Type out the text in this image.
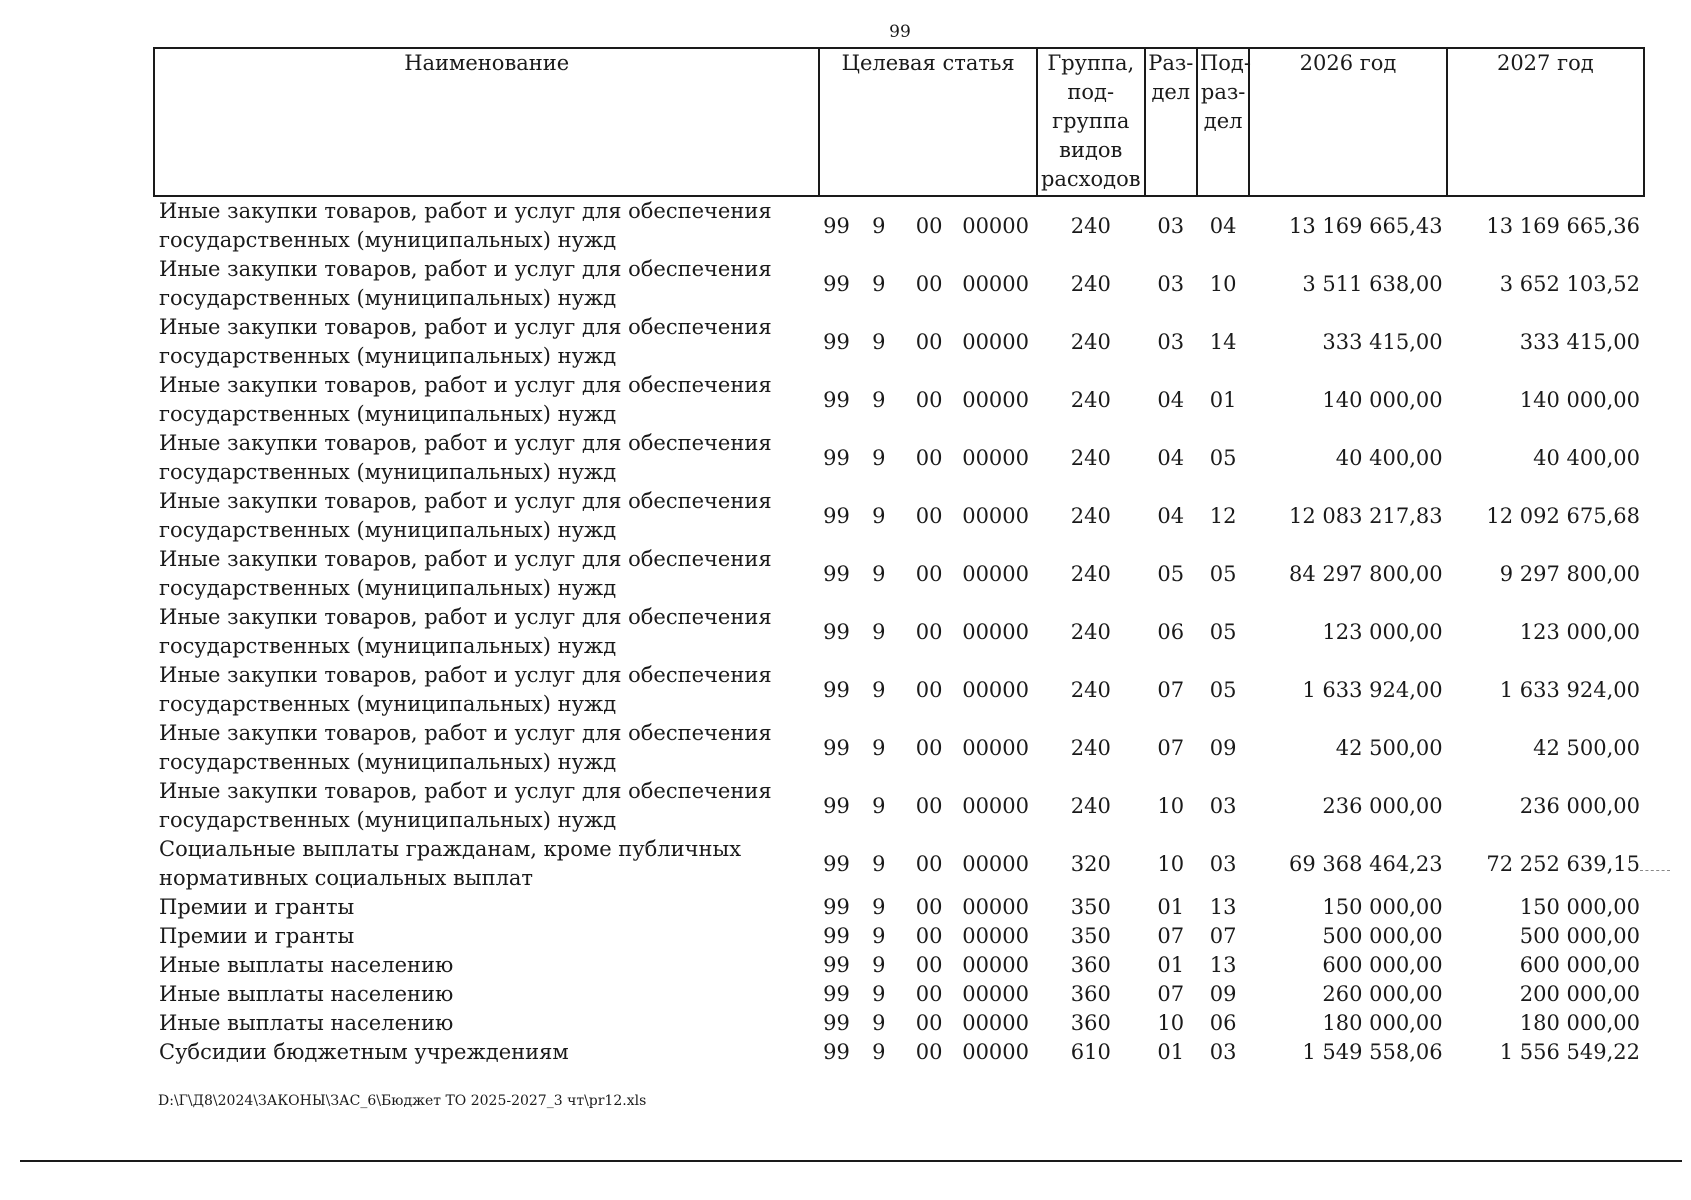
99
Наименование	Целевая статья				Группа, под- группа видов расходов	Раз- дел	Под- раз- дел	2026 год	2027 год
Иные закупки товаров, работ и услуг для обеспечения государственных (муниципальных) нужд	99	9	00	00000	240	03	04	13 169 665,43	13 169 665,36
Иные закупки товаров, работ и услуг для обеспечения государственных (муниципальных) нужд	99	9	00	00000	240	03	10	3 511 638,00	3 652 103,52
Иные закупки товаров, работ и услуг для обеспечения государственных (муниципальных) нужд	99	9	00	00000	240	03	14	333 415,00	333 415,00
Иные закупки товаров, работ и услуг для обеспечения государственных (муниципальных) нужд	99	9	00	00000	240	04	01	140 000,00	140 000,00
Иные закупки товаров, работ и услуг для обеспечения государственных (муниципальных) нужд	99	9	00	00000	240	04	05	40 400,00	40 400,00
Иные закупки товаров, работ и услуг для обеспечения государственных (муниципальных) нужд	99	9	00	00000	240	04	12	12 083 217,83	12 092 675,68
Иные закупки товаров, работ и услуг для обеспечения государственных (муниципальных) нужд	99	9	00	00000	240	05	05	84 297 800,00	9 297 800,00
Иные закупки товаров, работ и услуг для обеспечения государственных (муниципальных) нужд	99	9	00	00000	240	06	05	123 000,00	123 000,00
Иные закупки товаров, работ и услуг для обеспечения государственных (муниципальных) нужд	99	9	00	00000	240	07	05	1 633 924,00	1 633 924,00
Иные закупки товаров, работ и услуг для обеспечения государственных (муниципальных) нужд	99	9	00	00000	240	07	09	42 500,00	42 500,00
Иные закупки товаров, работ и услуг для обеспечения государственных (муниципальных) нужд	99	9	00	00000	240	10	03	236 000,00	236 000,00
Социальные выплаты гражданам, кроме публичных нормативных социальных выплат	99	9	00	00000	320	10	03	69 368 464,23	72 252 639,15
Премии и гранты	99	9	00	00000	350	01	13	150 000,00	150 000,00
Премии и гранты	99	9	00	00000	350	07	07	500 000,00	500 000,00
Иные выплаты населению	99	9	00	00000	360	01	13	600 000,00	600 000,00
Иные выплаты населению	99	9	00	00000	360	07	09	260 000,00	200 000,00
Иные выплаты населению	99	9	00	00000	360	10	06	180 000,00	180 000,00
Субсидии бюджетным учреждениям	99	9	00	00000	610	01	03	1 549 558,06	1 556 549,22
D:\Г\Д8\2024\ЗАКОНЫ\ЗАС_6\Бюджет ТО 2025-2027_3 чт\pr12.xls
